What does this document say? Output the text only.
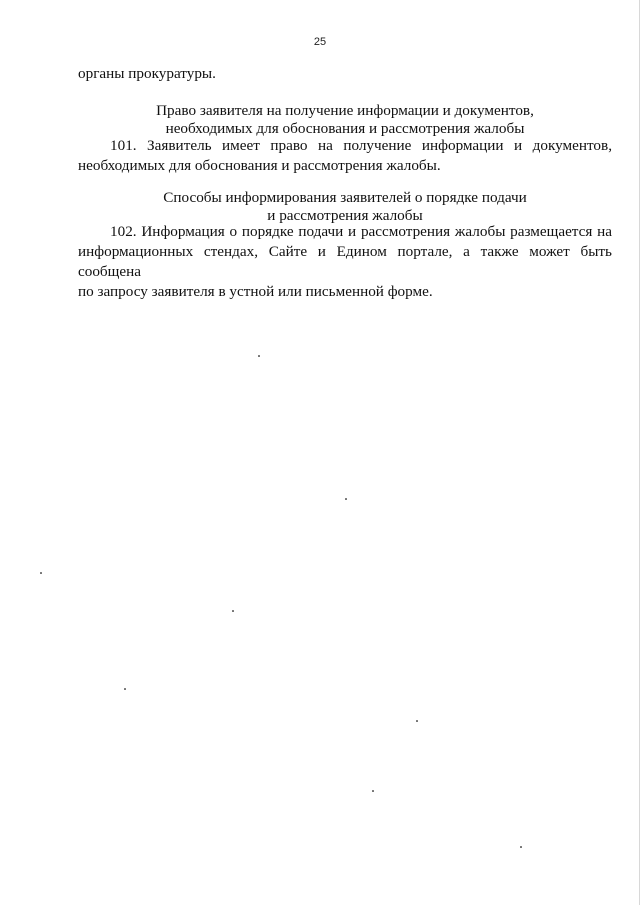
25
органы прокуратуры.
Право заявителя на получение информации и документов,
необходимых для обоснования и рассмотрения жалобы
101. Заявитель имеет право на получение информации и документов,
необходимых для обоснования и рассмотрения жалобы.
Способы информирования заявителей о порядке подачи
и рассмотрения жалобы
102. Информация о порядке подачи и рассмотрения жалобы размещается на
информационных стендах, Сайте и Едином портале, а также может быть сообщена
по запросу заявителя в устной или письменной форме.
